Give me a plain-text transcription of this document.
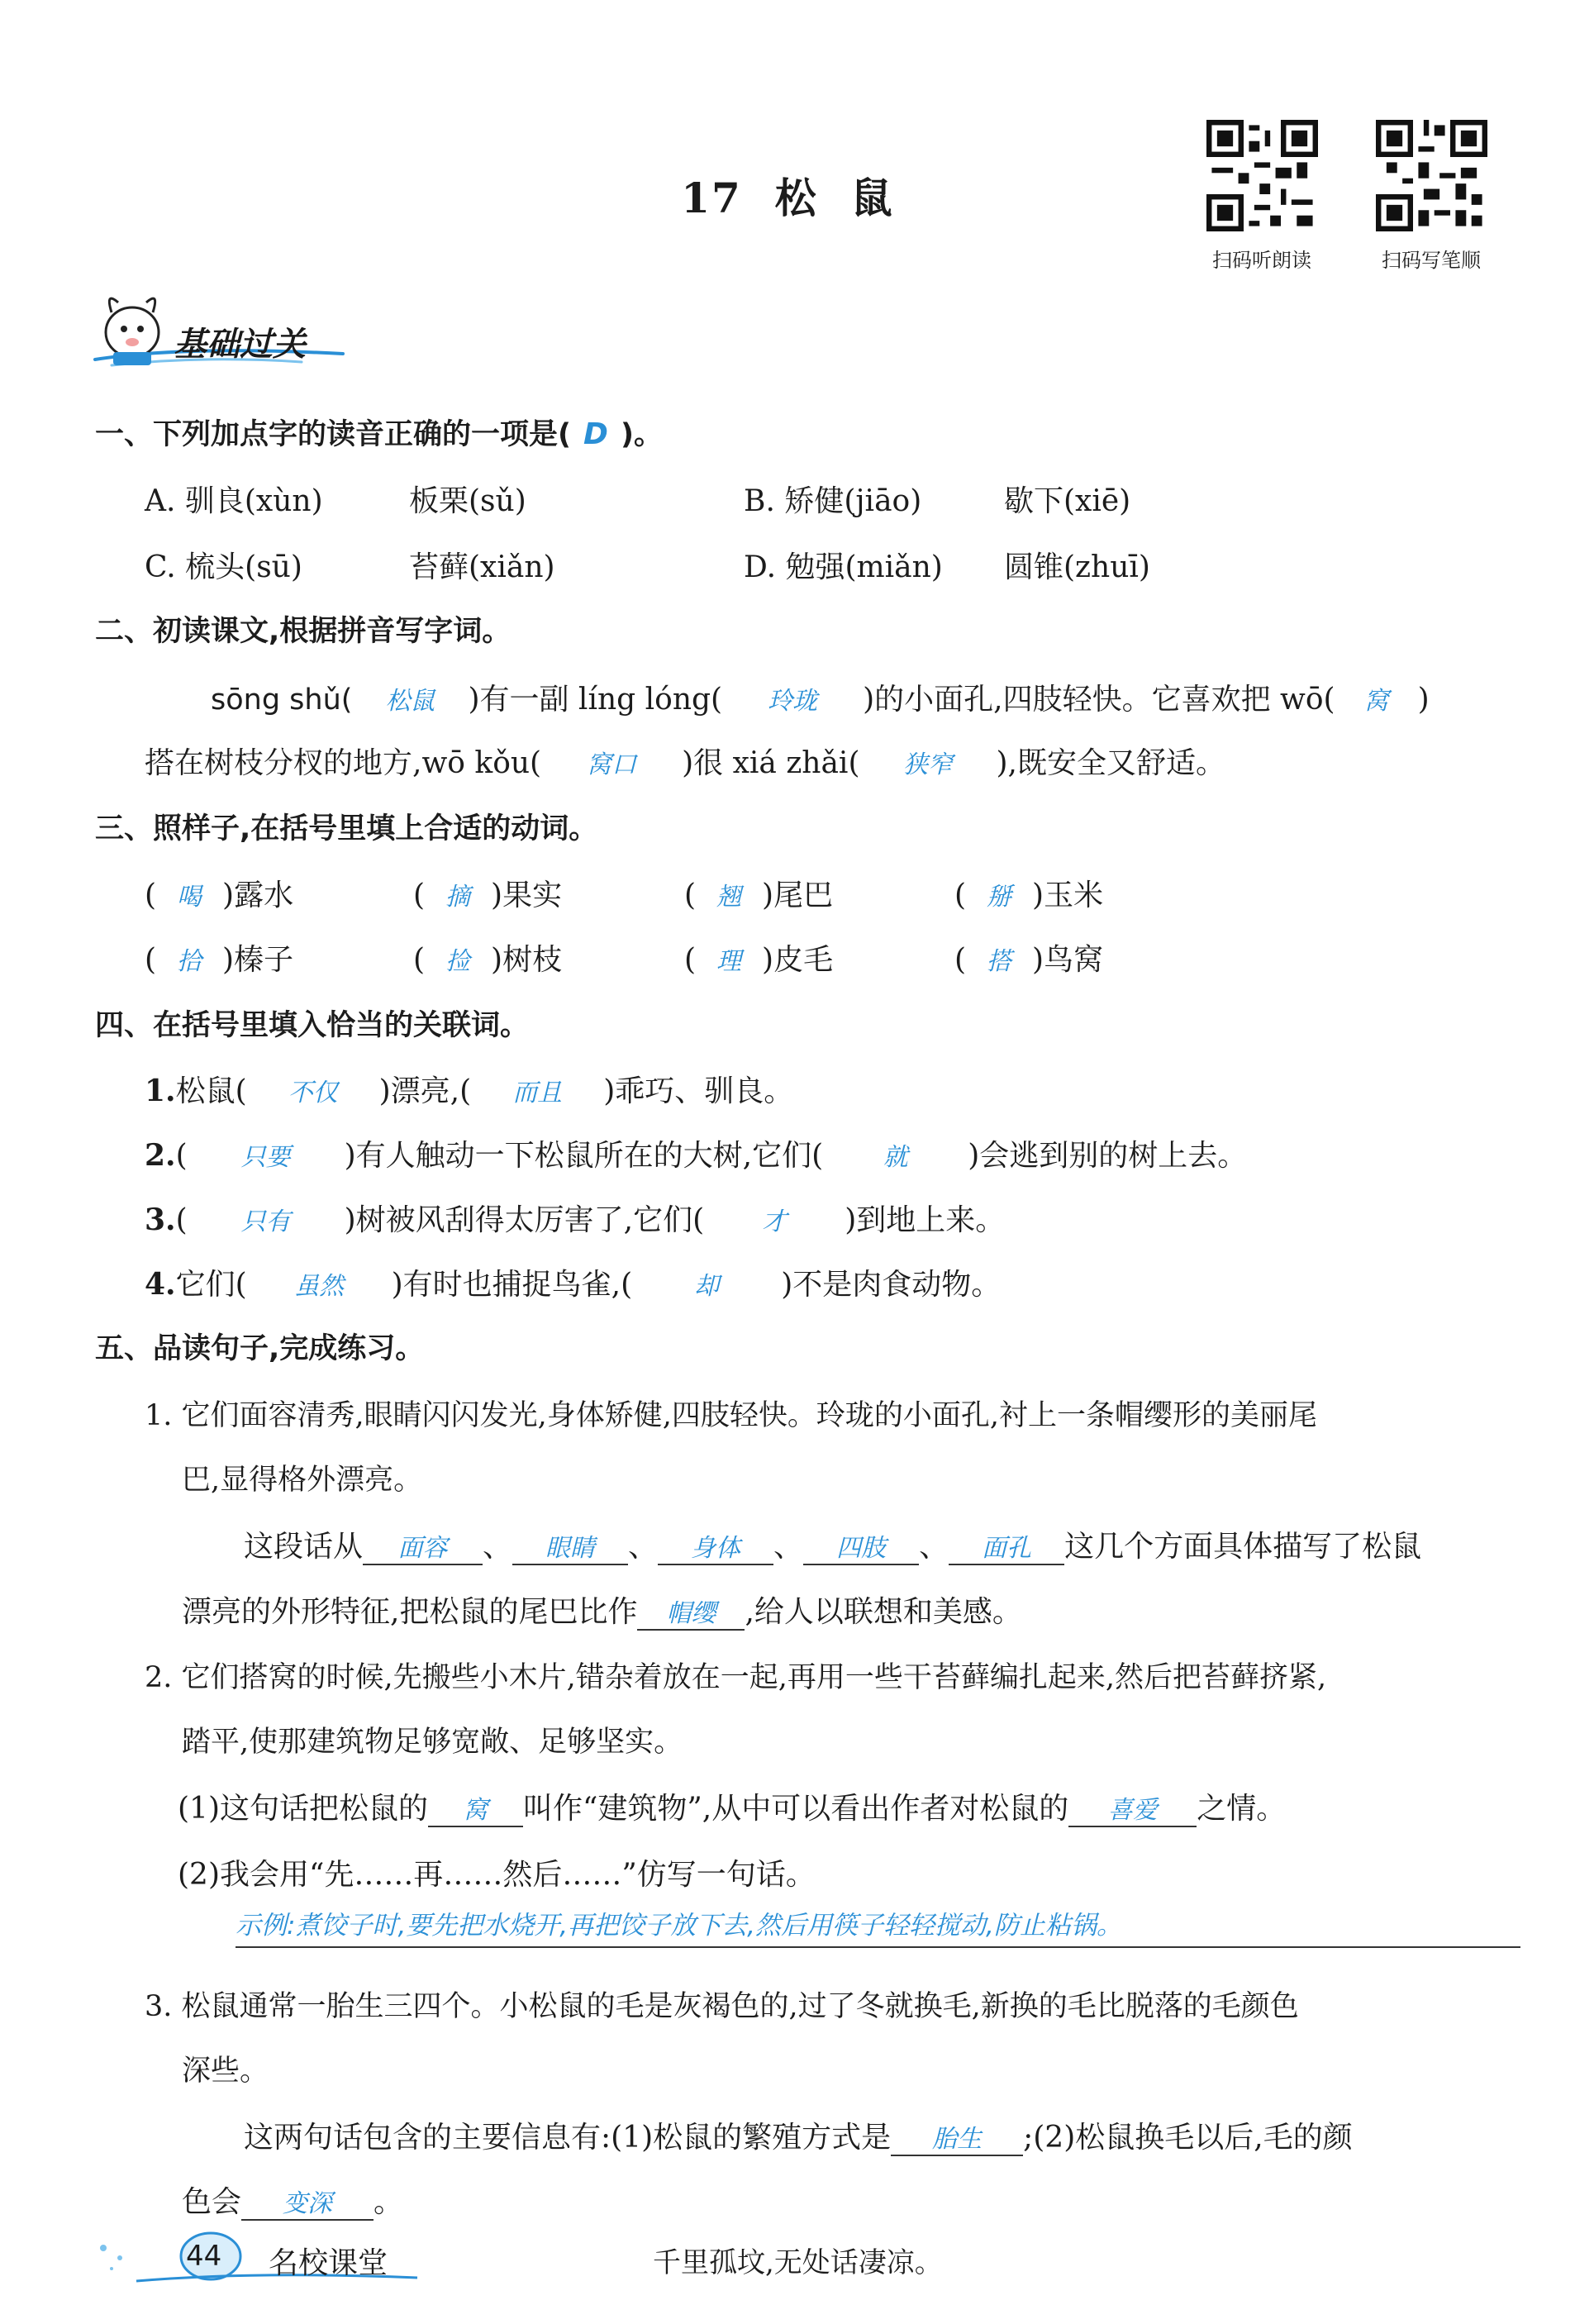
17 松 鼠
扫码听朗读	扫码写笔顺
基础过关
一、下列加点字的读音正确的一项是( D )。
A. 驯良(xùn)	板栗(sǔ)	B. 矫健(jiāo)	歇下(xiē)
C. 梳头(sū)	苔藓(xiǎn)	D. 勉强(miǎn) 圆锥(zhuī)
二、初读课文,根据拼音写字词。
sōng shǔ( 松鼠 )有一副 líng lóng( 玲珑 )的小面孔,四肢轻快。它喜欢把 wō( 窝 )
搭在树枝分杈的地方,wō kǒu( 窝口 )很 xiá zhǎi( 狭窄 ),既安全又舒适。
三、照样子,在括号里填上合适的动词。
( 喝 )露水	( 摘 )果实	( 翘 )尾巴	( 掰 )玉米
( 拾 )榛子	( 捡 )树枝	( 理 )皮毛	( 搭 )鸟窝
四、在括号里填入恰当的关联词。
1.松鼠( 不仅 )漂亮,( 而且 )乖巧、驯良。
2.( 只要 )有人触动一下松鼠所在的大树,它们( 就 )会逃到别的树上去。
3.( 只有 )树被风刮得太厉害了,它们( 才 )到地上来。
4.它们( 虽然 )有时也捕捉鸟雀,(	却 )不是肉食动物。
五、品读句子,完成练习。
1. 它们面容清秀,眼睛闪闪发光,身体矫健,四肢轻快。玲珑的小面孔,衬上一条帽缨形的美丽尾
巴,显得格外漂亮。
这段话从 面容 、 眼睛 、 身体 、 四肢 、 面孔 这几个方面具体描写了松鼠
漂亮的外形特征,把松鼠的尾巴比作 帽缨 ,给人以联想和美感。
2. 它们搭窝的时候,先搬些小木片,错杂着放在一起,再用一些干苔藓编扎起来,然后把苔藓挤紧,
踏平,使那建筑物足够宽敞、足够坚实。
(1)这句话把松鼠的 窝 叫作“建筑物”,从中可以看出作者对松鼠的 喜爱 之情。
(2)我会用“先……再……然后……”仿写一句话。
示例:煮饺子时,要先把水烧开,再把饺子放下去,然后用筷子轻轻搅动,防止粘锅。
3. 松鼠通常一胎生三四个。小松鼠的毛是灰褐色的,过了冬就换毛,新换的毛比脱落的毛颜色
深些。
这两句话包含的主要信息有:(1)松鼠的繁殖方式是 胎生 ;(2)松鼠换毛以后,毛的颜
色会 变深 。
44 名校课堂	千里孤坟,无处话凄凉。
